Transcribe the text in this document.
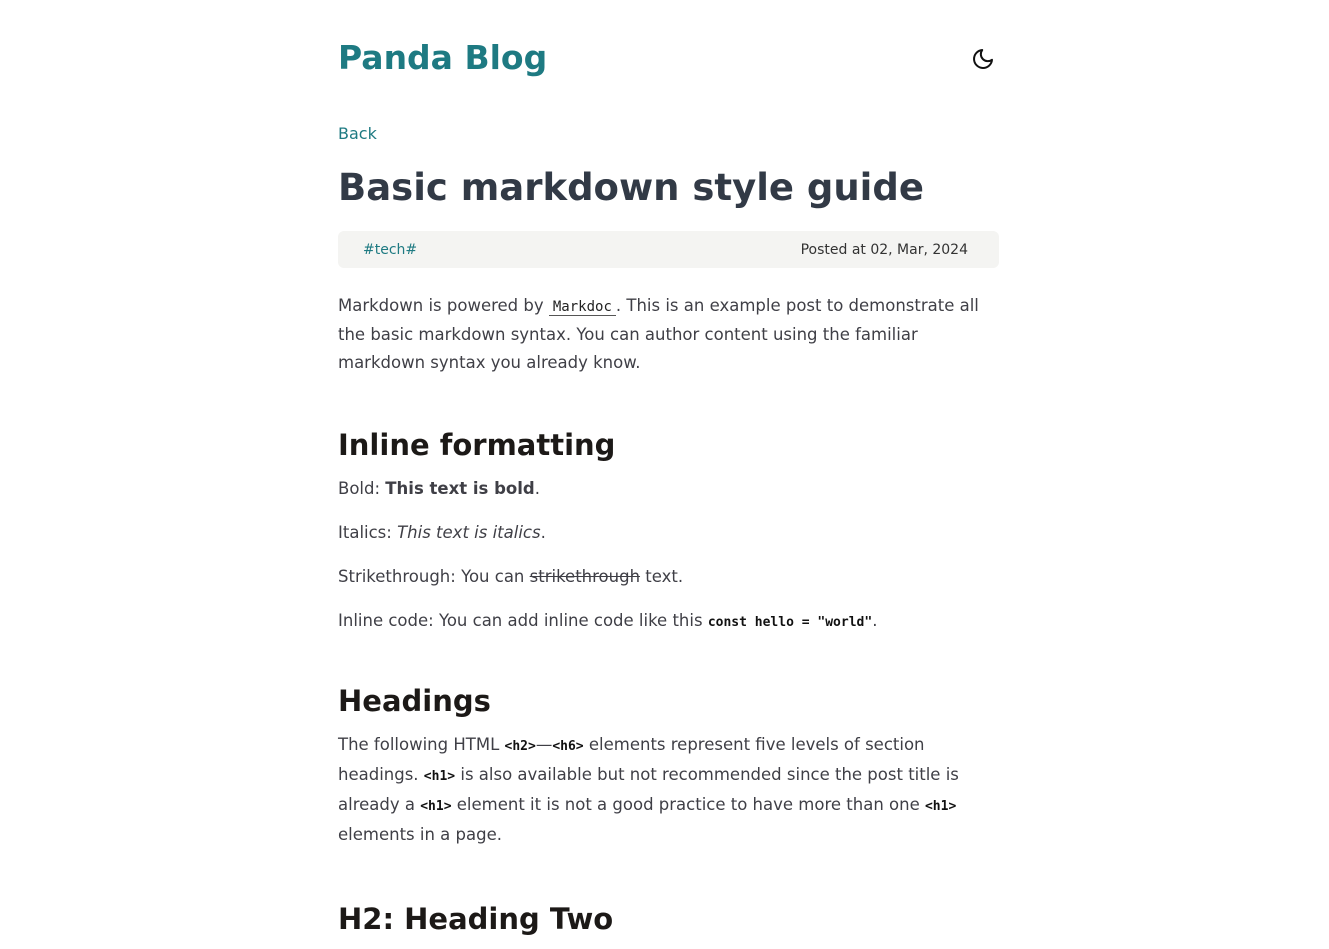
Panda Blog
Back
Basic markdown style guide
#tech#	Posted at 02, Mar, 2024

Markdown is powered by Markdoc . This is an example post to demonstrate all the basic markdown syntax. You can author content using the familiar markdown syntax you already know.

Inline formatting

Bold: This text is bold.

Italics: This text is italics.

Strikethrough: You can strikethrough text.

Inline code: You can add inline code like this const hello = "world".

Headings

The following HTML <h2>—<h6> elements represent five levels of section headings. <h1> is also available but not recommended since the post title is already a <h1> element it is not a good practice to have more than one <h1> elements in a page.

H2: Heading Two
